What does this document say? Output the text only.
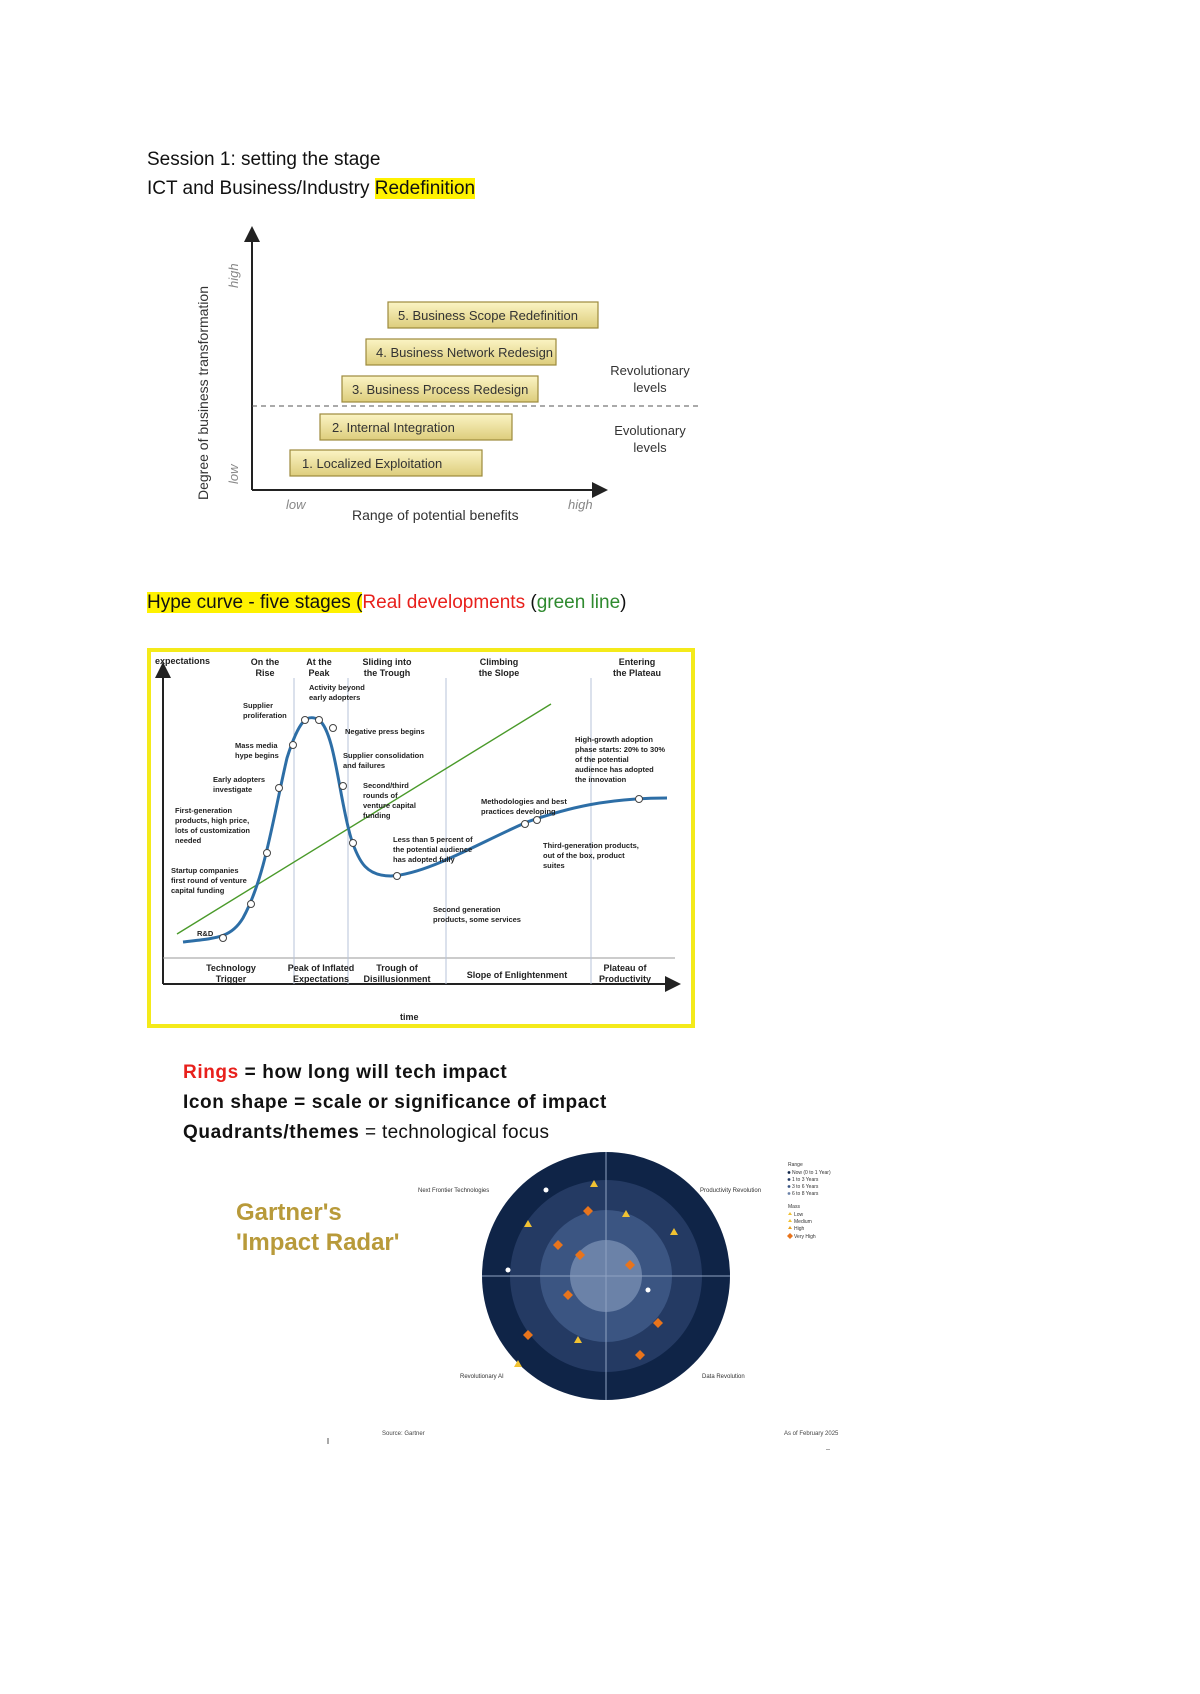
Session 1: setting the stage
ICT and Business/Industry Redefinition
Degree of business transformation
high
low
low
Range of potential benefits
high
1. Localized Exploitation
2. Internal Integration
3. Business Process Redesign
4. Business Network Redesign
5. Business Scope Redefinition
Revolutionary
levels
Evolutionary
levels
Hype curve - five stages (Real developments (green line)
expectations
time
On the
Rise
At the
Peak
Sliding into
the Trough
Climbing
the Slope
Entering
the Plateau
Technology
Trigger
Peak of Inflated
Expectations
Trough of
Disillusionment	Slope of Enlightenment
Plateau of
Productivity
R&D
Startup companies
first round of venture
capital funding
First-generation
products, high price,
lots of customization
needed
Early adopters
investigate
Mass media
hype begins
Supplier
proliferation
Activity beyond
early adopters
Negative press begins
Supplier consolidation
and failures
Second/third
rounds of
venture capital
funding
Less than 5 percent of
the potential audience
has adopted fully
Second generation
products, some services
Methodologies and best
practices developing
Third-generation products,
out of the box, product
suites
High-growth adoption
phase starts: 20% to 30%
of the potential
audience has adopted
the innovation
Rings = how long will tech impact
Icon shape = scale or significance of impact
Quadrants/themes = technological focus
Gartner's
'Impact Radar'
Next Frontier Technologies	Productivity Revolution
Revolutionary AI	Data Revolution
Range
Now (0 to 1 Year)
1 to 3 Years
3 to 6 Years
6 to 8 Years
Mass
Low
Medium
High
Very High
Source: Gartner	As of February 2025
